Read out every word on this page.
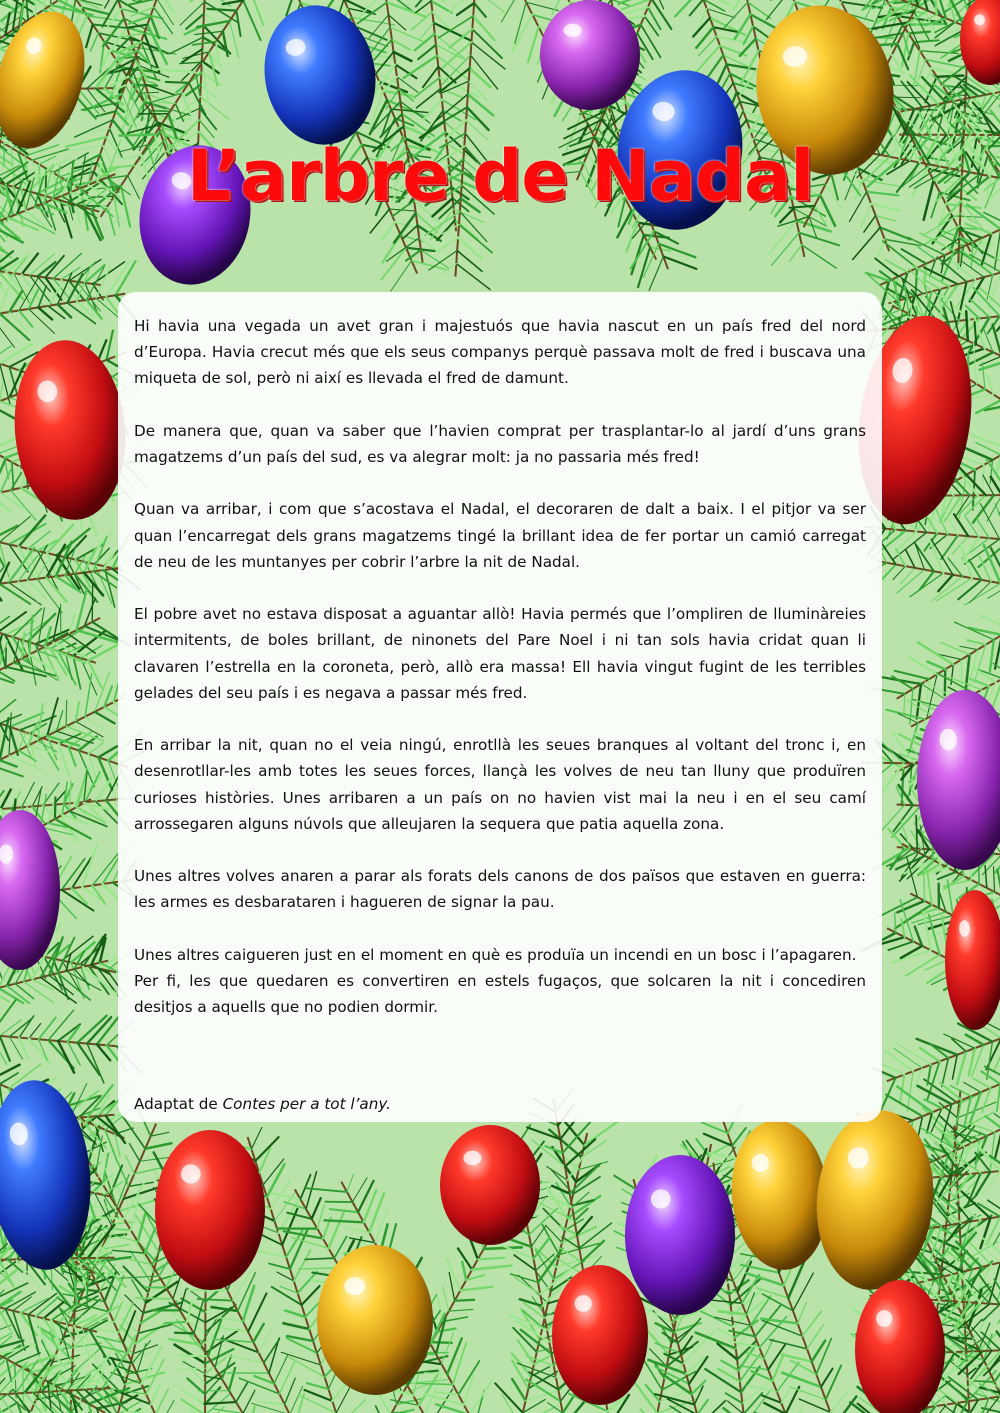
L’arbre de Nadal

Hi havia una vegada un avet gran i majestuós que havia nascut en un país fred del nord d’Europa. Havia crecut més que els seus companys perquè passava molt de fred i buscava una miqueta de sol, però ni així es llevada el fred de damunt.

De manera que, quan va saber que l’havien comprat per trasplantar-lo al jardí d’uns grans magatzems d’un país del sud, es va alegrar molt: ja no passaria més fred!

Quan va arribar, i com que s’acostava el Nadal, el decoraren de dalt a baix. I el pitjor va ser quan l’encarregat dels grans magatzems tingé la brillant idea de fer portar un camió carregat de neu de les muntanyes per cobrir l’arbre la nit de Nadal.

El pobre avet no estava disposat a aguantar allò! Havia permés que l’ompliren de lluminàreies intermitents, de boles brillant, de ninonets del Pare Noel i ni tan sols havia cridat quan li clavaren l’estrella en la coroneta, però, allò era massa! Ell havia vingut fugint de les terribles gelades del seu país i es negava a passar més fred.

En arribar la nit, quan no el veia ningú, enrotllà les seues branques al voltant del tronc i, en desenrotllar-les amb totes les seues forces, llançà les volves de neu tan lluny que produïren curioses històries. Unes arribaren a un país on no havien vist mai la neu i en el seu camí arrossegaren alguns núvols que alleujaren la sequera que patia aquella zona.

Unes altres volves anaren a parar als forats dels canons de dos països que estaven en guerra: les armes es desbarataren i hagueren de signar la pau.

Unes altres caigueren just en el moment en què es produïa un incendi en un bosc i l’apagaren.

Per fi, les que quedaren es convertiren en estels fugaços, que solcaren la nit i concediren desitjos a aquells que no podien dormir.

Adaptat de Contes per a tot l’any.
